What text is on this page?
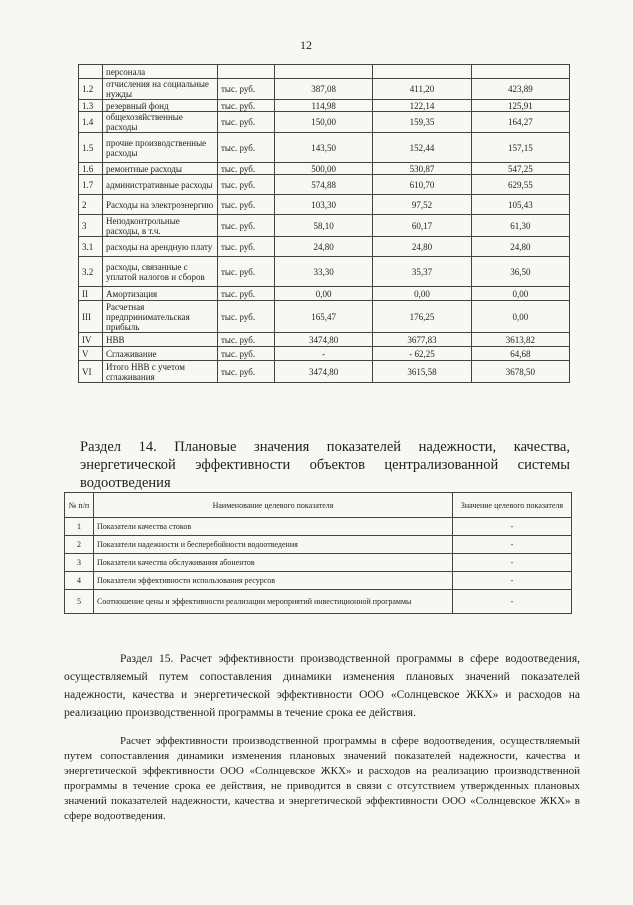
12
	персонала				
1.2	отчисления на социальные нужды	тыс. руб.	387,08	411,20	423,89
1.3	резервный фонд	тыс. руб.	114,98	122,14	125,91
1.4	общехозяйственные расходы	тыс. руб.	150,00	159,35	164,27
1.5	прочие производственные расходы	тыс. руб.	143,50	152,44	157,15
1.6	ремонтные расходы	тыс. руб.	500,00	530,87	547,25
1.7	административные расходы	тыс. руб.	574,88	610,70	629,55
2	Расходы на электроэнергию	тыс. руб.	103,30	97,52	105,43
3	Неподконтрольные расходы, в т.ч.	тыс. руб.	58,10	60,17	61,30
3.1	расходы на арендную плату	тыс. руб.	24,80	24,80	24,80
3.2	расходы, связанные с уплатой налогов и сборов	тыс. руб.	33,30	35,37	36,50
II	Амортизация	тыс. руб.	0,00	0,00	0,00
III	Расчетная предпринимательская прибыль	тыс. руб.	165,47	176,25	0,00
IV	НВВ	тыс. руб.	3474,80	3677,83	3613,82
V	Сглаживание	тыс. руб.	-	- 62,25	64,68
VI	Итого НВВ с учетом сглаживания	тыс. руб.	3474,80	3615,58	3678,50
Раздел 14. Плановые значения показателей надежности, качества, энергетической эффективности объектов централизованной системы водоотведения
№ п/п	Наименование целевого показателя	Значение целевого показателя
1	Показатели качества стоков	-
2	Показатели надежности и бесперебойности водоотведения	-
3	Показатели качества обслуживания абонентов	-
4	Показатели эффективности использования ресурсов	-
5	Соотношение цены и эффективности реализации мероприятий инвестиционной программы	-

Раздел 15. Расчет эффективности производственной программы в сфере водоотведения, осуществляемый путем сопоставления динамики изменения плановых значений показателей надежности, качества и энергетической эффективности ООО «Солнцевское ЖКХ» и расходов на реализацию производственной программы в течение срока ее действия.

Расчет эффективности производственной программы в сфере водоотведения, осуществляемый путем сопоставления динамики изменения плановых значений показателей надежности, качества и энергетической эффективности ООО «Солнцевское ЖКХ» и расходов на реализацию производственной программы в течение срока ее действия, не приводится в связи с отсутствием утвержденных плановых значений показателей надежности, качества и энергетической эффективности ООО «Солнцевское ЖКХ» в сфере водоотведения.
